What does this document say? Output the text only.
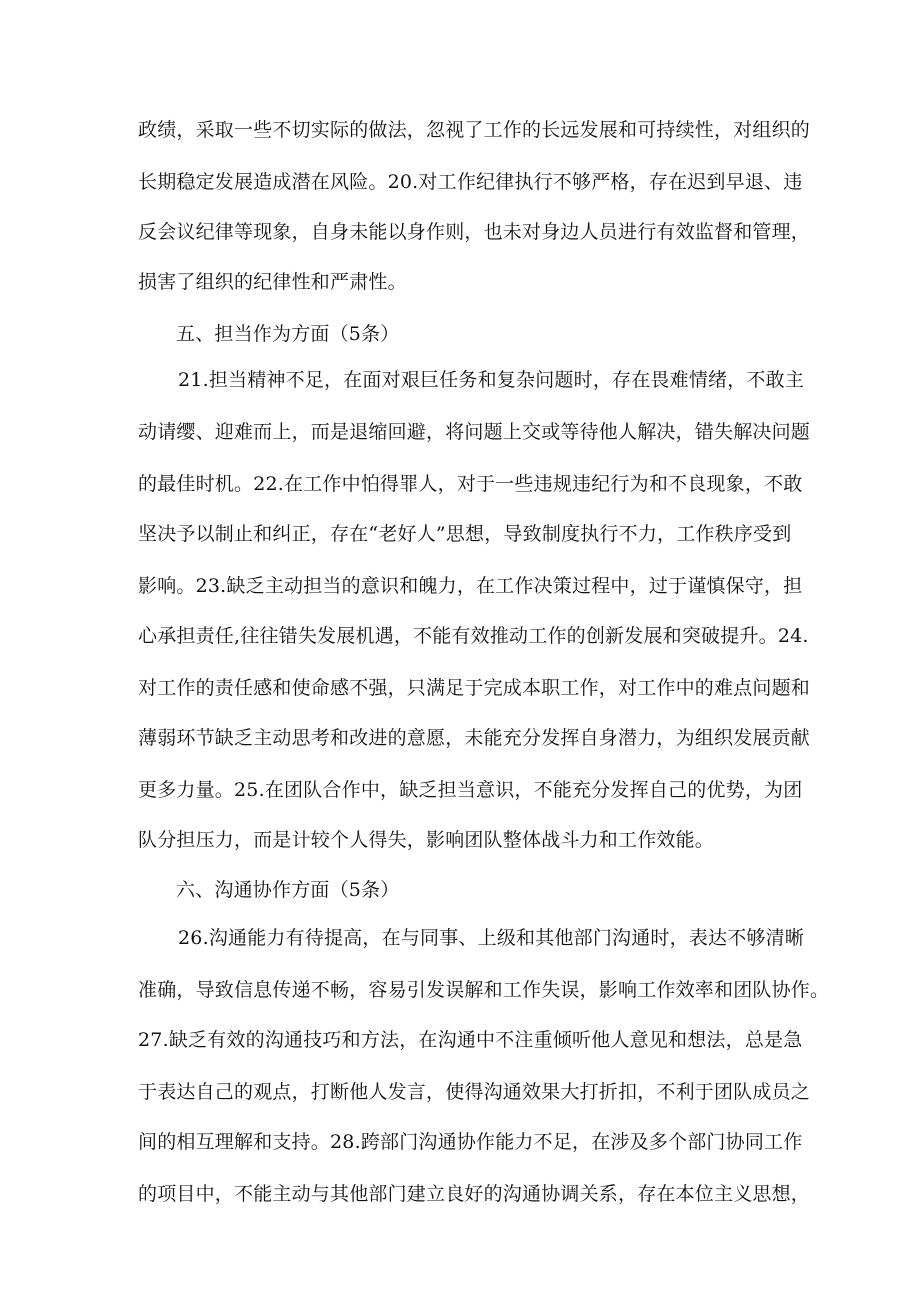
政绩，采取一些不切实际的做法，忽视了工作的长远发展和可持续性，对组织的
长期稳定发展造成潜在风险。20.对工作纪律执行不够严格，存在迟到早退、违
反会议纪律等现象，自身未能以身作则，也未对身边人员进行有效监督和管理，
损害了组织的纪律性和严肃性。
五、担当作为方面（5条）
21.担当精神不足，在面对艰巨任务和复杂问题时，存在畏难情绪，不敢主
动请缨、迎难而上，而是退缩回避，将问题上交或等待他人解决，错失解决问题
的最佳时机。22.在工作中怕得罪人，对于一些违规违纪行为和不良现象，不敢
坚决予以制止和纠正，存在“老好人”思想，导致制度执行不力，工作秩序受到
影响。23.缺乏主动担当的意识和魄力，在工作决策过程中，过于谨慎保守，担
心承担责任,往往错失发展机遇，不能有效推动工作的创新发展和突破提升。24.
对工作的责任感和使命感不强，只满足于完成本职工作，对工作中的难点问题和
薄弱环节缺乏主动思考和改进的意愿，未能充分发挥自身潜力，为组织发展贡献
更多力量。25.在团队合作中，缺乏担当意识，不能充分发挥自己的优势，为团
队分担压力，而是计较个人得失，影响团队整体战斗力和工作效能。
六、沟通协作方面（5条）
26.沟通能力有待提高，在与同事、上级和其他部门沟通时，表达不够清晰
准确，导致信息传递不畅，容易引发误解和工作失误，影响工作效率和团队协作。
27.缺乏有效的沟通技巧和方法，在沟通中不注重倾听他人意见和想法，总是急
于表达自己的观点，打断他人发言，使得沟通效果大打折扣，不利于团队成员之
间的相互理解和支持。28.跨部门沟通协作能力不足，在涉及多个部门协同工作
的项目中，不能主动与其他部门建立良好的沟通协调关系，存在本位主义思想，
